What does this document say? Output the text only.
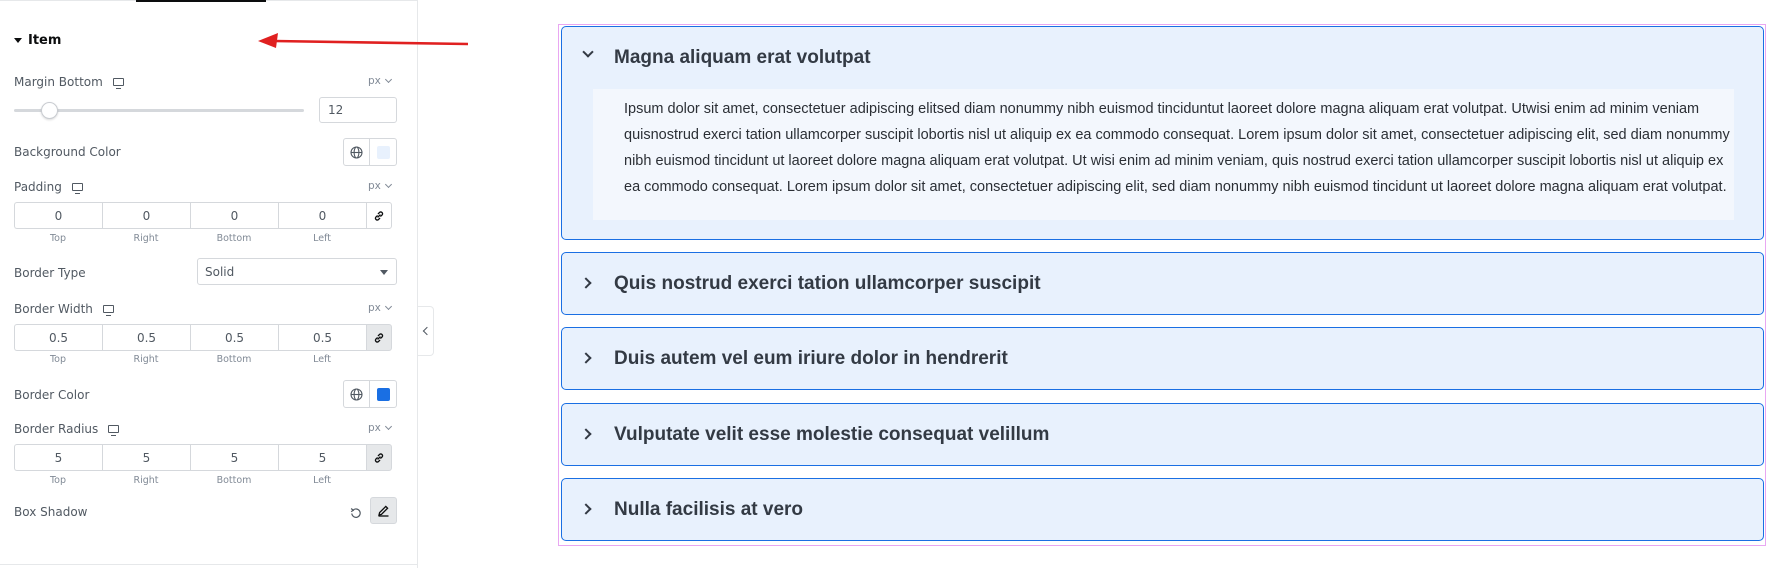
Item
Margin Bottom	px
12
Background Color
Padding	px
0	0	0	0
Top	Right	Bottom	Left
Border Type	Solid
Border Width	px
0.5	0.5	0.5	0.5
Top	Right	Bottom	Left
Border Color
Border Radius	px
5	5	5	5
Top	Right	Bottom	Left
Box Shadow
Magna aliquam erat volutpat
Ipsum dolor sit amet, consectetuer adipiscing elitsed diam nonummy nibh euismod tinciduntut laoreet dolore magna aliquam erat volutpat. Utwisi enim ad minim veniam quisnostrud exerci tation ullamcorper suscipit lobortis nisl ut aliquip ex ea commodo consequat. Lorem ipsum dolor sit amet, consectetuer adipiscing elit, sed diam nonummy nibh euismod tincidunt ut laoreet dolore magna aliquam erat volutpat. Ut wisi enim ad minim veniam, quis nostrud exerci tation ullamcorper suscipit lobortis nisl ut aliquip ex ea commodo consequat. Lorem ipsum dolor sit amet, consectetuer adipiscing elit, sed diam nonummy nibh euismod tincidunt ut laoreet dolore magna aliquam erat volutpat.
Quis nostrud exerci tation ullamcorper suscipit
Duis autem vel eum iriure dolor in hendrerit
Vulputate velit esse molestie consequat velillum
Nulla facilisis at vero
